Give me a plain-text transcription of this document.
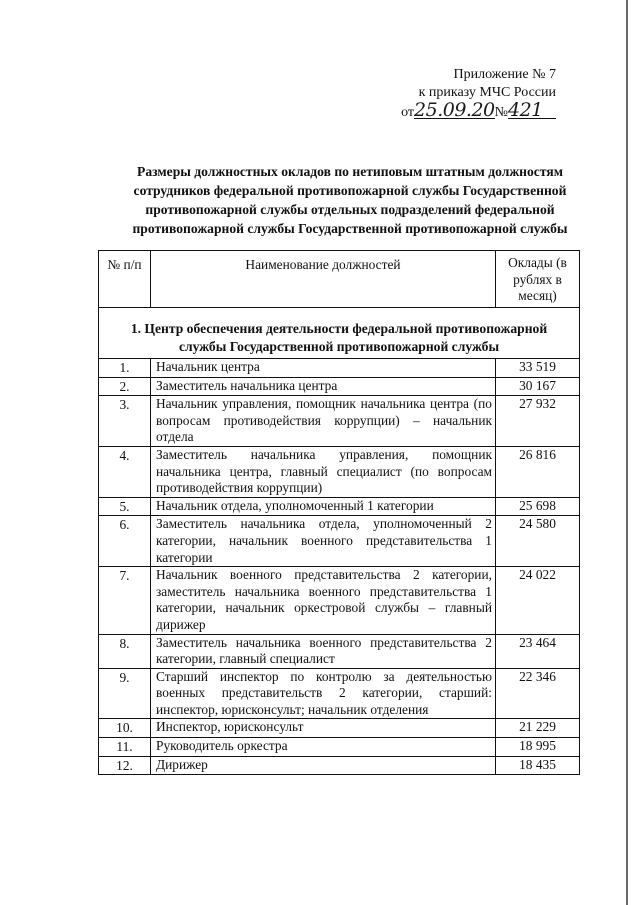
Приложение № 7
к приказу МЧС России
от25.09.20№421
Размеры должностных окладов по нетиповым штатным должностям сотрудников федеральной противопожарной службы Государственной противопожарной службы отдельных подразделений федеральной противопожарной службы Государственной противопожарной службы
№ п/п	Наименование должностей	Оклады (в рублях в месяц)
1. Центр обеспечения деятельности федеральной противопожарной службы Государственной противопожарной службы		
1.	Начальник центра	33 519
2.	Заместитель начальника центра	30 167
3.	Начальник управления, помощник начальника центра (по вопросам противодействия коррупции) – начальник отдела	27 932
4.	Заместитель начальника управления, помощник начальника центра, главный специалист (по вопросам противодействия коррупции)	26 816
5.	Начальник отдела, уполномоченный 1 категории	25 698
6.	Заместитель начальника отдела, уполномоченный 2 категории, начальник военного представительства 1 категории	24 580
7.	Начальник военного представительства 2 категории, заместитель начальника военного представительства 1 категории, начальник оркестровой службы – главный дирижер	24 022
8.	Заместитель начальника военного представительства 2 категории, главный специалист	23 464
9.	Старший инспектор по контролю за деятельностью военных представительств 2 категории, старший: инспектор, юрисконсульт; начальник отделения	22 346
10.	Инспектор, юрисконсульт	21 229
11.	Руководитель оркестра	18 995
12.	Дирижер	18 435
